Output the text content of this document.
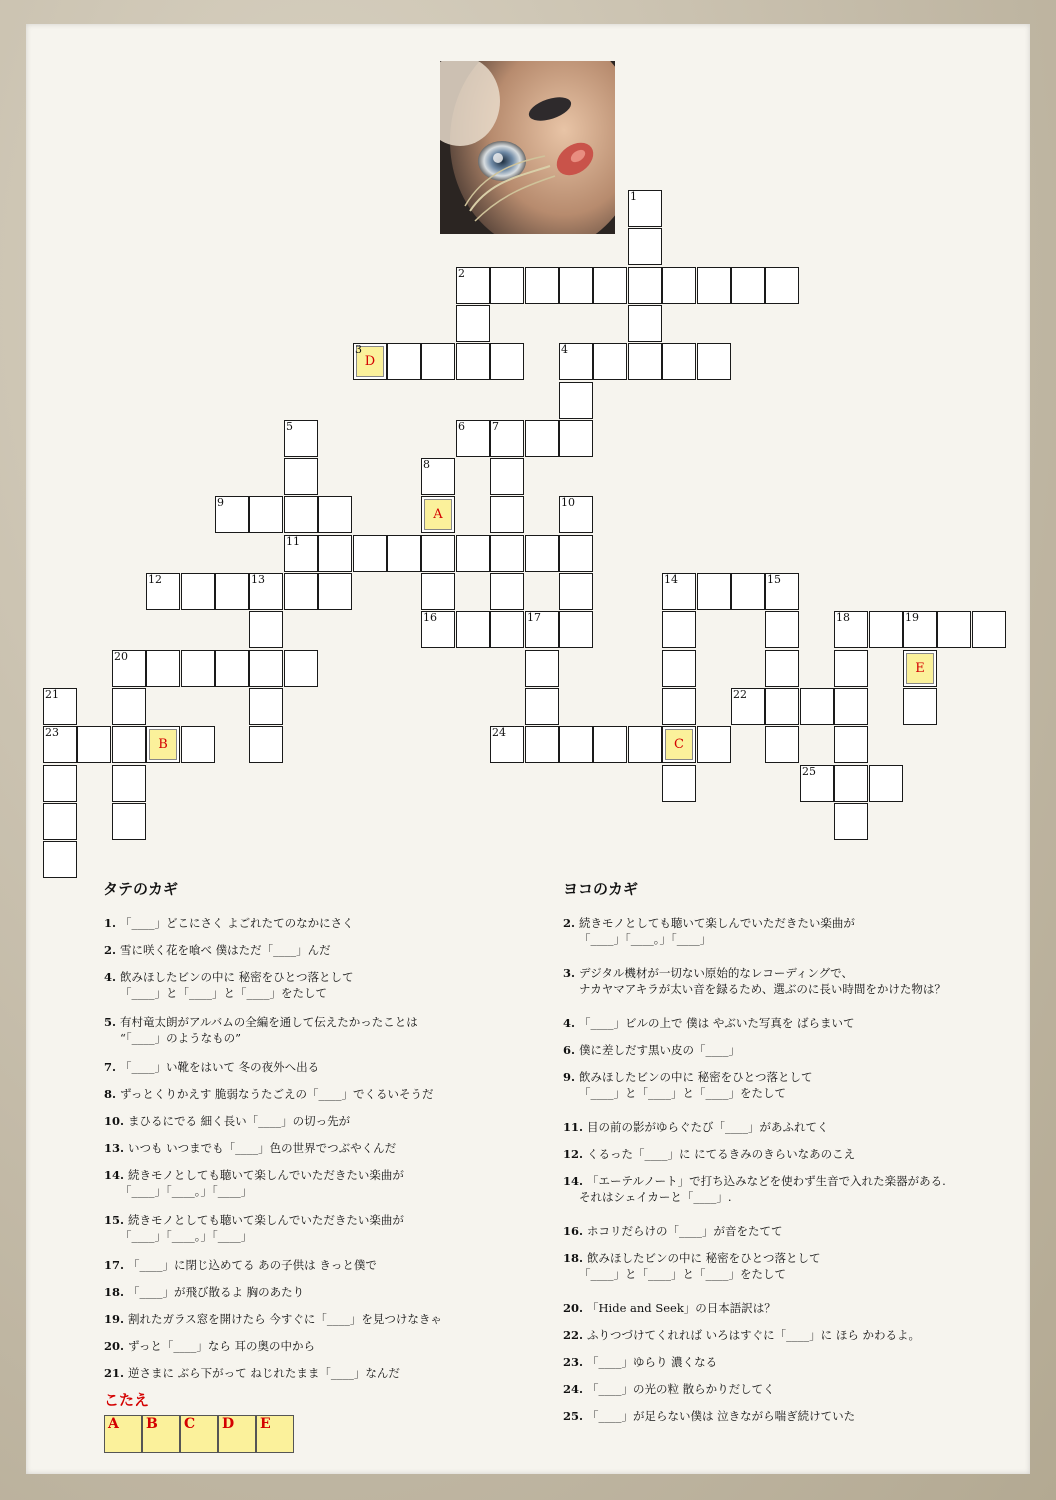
1
2
D
3	4
5
11
6 7
8
A
16
9	10
12	13	14	15
C
17	18	19
E
20
21
23
22
B
24
25
タテのカギ	ヨコのカギ
1. 「____」どこにさく よごれたてのなかにさく
2. 雪に咲く花を喰べ 僕はただ「____」んだ
4. 飲みほしたビンの中に 秘密をひとつ落として
「____」と「____」と「____」をたして
5. 有村竜太朗がアルバムの全編を通して伝えたかったことは
“「____」のようなもの”
7. 「____」い靴をはいて 冬の夜外へ出る
8. ずっとくりかえす 脆弱なうたごえの「____」でくるいそうだ
10. まひるにでる 細く長い「____」の切っ先が
13. いつも いつまでも「____」色の世界でつぶやくんだ
14. 続きモノとしても聴いて楽しんでいただきたい楽曲が
「____」「____。」「____」
15. 続きモノとしても聴いて楽しんでいただきたい楽曲が
「____」「____。」「____」
17. 「____」に閉じ込めてる あの子供は きっと僕で
18. 「____」が飛び散るよ 胸のあたり
19. 割れたガラス窓を開けたら 今すぐに「____」を見つけなきゃ
20. ずっと「____」なら 耳の奥の中から
21. 逆さまに ぶら下がって ねじれたまま「____」なんだ
2. 続きモノとしても聴いて楽しんでいただきたい楽曲が
「____」「____。」「____」
3. デジタル機材が一切ない原始的なレコーディングで、
ナカヤマアキラが太い音を録るため、選ぶのに長い時間をかけた物は？
4. 「____」ビルの上で 僕は やぶいた写真を ばらまいて
6. 僕に差しだす黒い皮の「____」
9. 飲みほしたビンの中に 秘密をひとつ落として
「____」と「____」と「____」をたして
11. 目の前の影がゆらぐたび「____」があふれてく
12. くるった「____」に にてるきみのきらいなあのこえ
14. 「エーテルノート」で打ち込みなどを使わず生音で入れた楽器がある.
それはシェイカーと「____」.
16. ホコリだらけの「____」が音をたてて
18. 飲みほしたビンの中に 秘密をひとつ落として
「____」と「____」と「____」をたして
20. 「Hide and Seek」の日本語訳は？
22. ふりつづけてくれれば いろはすぐに「____」に ほら かわるよ。
23. 「____」ゆらり 濃くなる
24. 「____」の光の粒 散らかりだしてく
25. 「____」が足らない僕は 泣きながら喘ぎ続けていた
こたえ
A	B	C	D	E
